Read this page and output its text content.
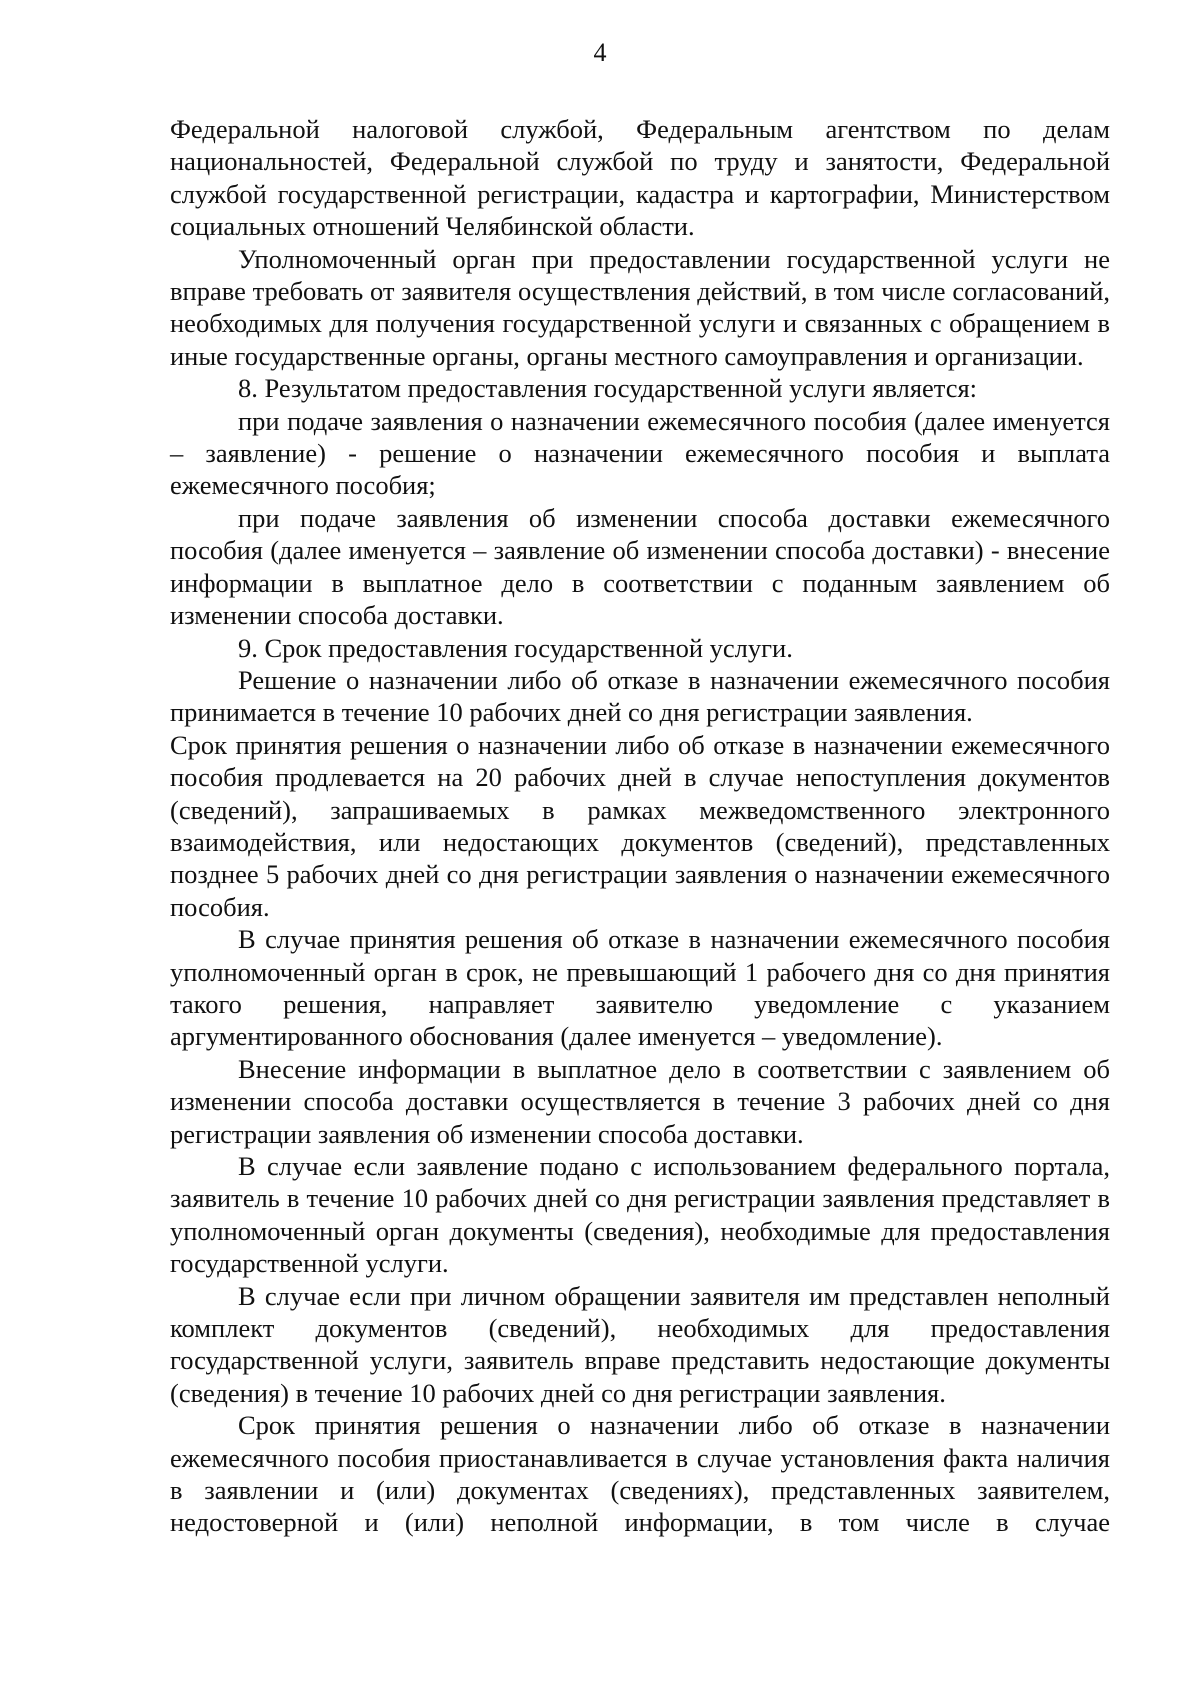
4

Федеральной налоговой службой, Федеральным агентством по делам национальностей, Федеральной службой по труду и занятости, Федеральной службой государственной регистрации, кадастра и картографии, Министерством социальных отношений Челябинской области.

Уполномоченный орган при предоставлении государственной услуги не вправе требовать от заявителя осуществления действий, в том числе согласований, необходимых для получения государственной услуги и связанных с обращением в иные государственные органы, органы местного самоуправления и организации.

8. Результатом предоставления государственной услуги является:

при подаче заявления о назначении ежемесячного пособия (далее именуется – заявление) - решение о назначении ежемесячного пособия и выплата ежемесячного пособия;

при подаче заявления об изменении способа доставки ежемесячного пособия (далее именуется – заявление об изменении способа доставки) - внесение информации в выплатное дело в соответствии с поданным заявлением об изменении способа доставки.

9. Срок предоставления государственной услуги.

Решение о назначении либо об отказе в назначении ежемесячного пособия принимается в течение 10 рабочих дней со дня регистрации заявления.

Срок принятия решения о назначении либо об отказе в назначении ежемесячного пособия продлевается на 20 рабочих дней в случае непоступления документов (сведений), запрашиваемых в рамках межведомственного электронного взаимодействия, или недостающих документов (сведений), представленных позднее 5 рабочих дней со дня регистрации заявления о назначении ежемесячного пособия.

В случае принятия решения об отказе в назначении ежемесячного пособия уполномоченный орган в срок, не превышающий 1 рабочего дня со дня принятия такого решения, направляет заявителю уведомление с указанием аргументированного обоснования (далее именуется – уведомление).

Внесение информации в выплатное дело в соответствии с заявлением об изменении способа доставки осуществляется в течение 3 рабочих дней со дня регистрации заявления об изменении способа доставки.

В случае если заявление подано с использованием федерального портала, заявитель в течение 10 рабочих дней со дня регистрации заявления представляет в уполномоченный орган документы (сведения), необходимые для предоставления государственной услуги.

В случае если при личном обращении заявителя им представлен неполный комплект документов (сведений), необходимых для предоставления государственной услуги, заявитель вправе представить недостающие документы (сведения) в течение 10 рабочих дней со дня регистрации заявления.

Срок принятия решения о назначении либо об отказе в назначении ежемесячного пособия приостанавливается в случае установления факта наличия в заявлении и (или) документах (сведениях), представленных заявителем, недостоверной и (или) неполной информации, в том числе в случае
